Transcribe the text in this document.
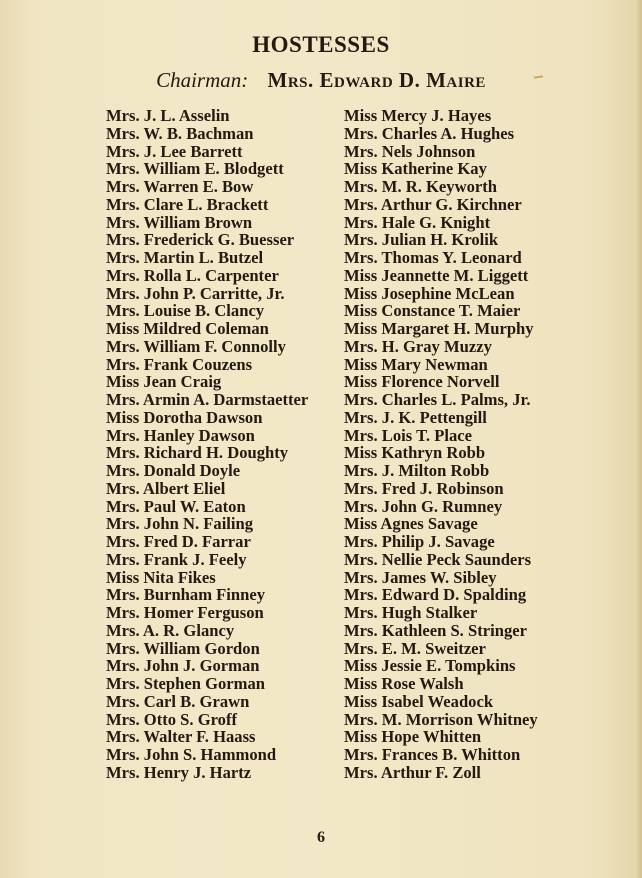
HOSTESSES
Chairman: Mrs. Edward D. Maire
Mrs. J. L. Asselin
Mrs. W. B. Bachman
Mrs. J. Lee Barrett
Mrs. William E. Blodgett
Mrs. Warren E. Bow
Mrs. Clare L. Brackett
Mrs. William Brown
Mrs. Frederick G. Buesser
Mrs. Martin L. Butzel
Mrs. Rolla L. Carpenter
Mrs. John P. Carritte, Jr.
Mrs. Louise B. Clancy
Miss Mildred Coleman
Mrs. William F. Connolly
Mrs. Frank Couzens
Miss Jean Craig
Mrs. Armin A. Darmstaetter
Miss Dorotha Dawson
Mrs. Hanley Dawson
Mrs. Richard H. Doughty
Mrs. Donald Doyle
Mrs. Albert Eliel
Mrs. Paul W. Eaton
Mrs. John N. Failing
Mrs. Fred D. Farrar
Mrs. Frank J. Feely
Miss Nita Fikes
Mrs. Burnham Finney
Mrs. Homer Ferguson
Mrs. A. R. Glancy
Mrs. William Gordon
Mrs. John J. Gorman
Mrs. Stephen Gorman
Mrs. Carl B. Grawn
Mrs. Otto S. Groff
Mrs. Walter F. Haass
Mrs. John S. Hammond
Mrs. Henry J. Hartz
Miss Mercy J. Hayes
Mrs. Charles A. Hughes
Mrs. Nels Johnson
Miss Katherine Kay
Mrs. M. R. Keyworth
Mrs. Arthur G. Kirchner
Mrs. Hale G. Knight
Mrs. Julian H. Krolik
Mrs. Thomas Y. Leonard
Miss Jeannette M. Liggett
Miss Josephine McLean
Miss Constance T. Maier
Miss Margaret H. Murphy
Mrs. H. Gray Muzzy
Miss Mary Newman
Miss Florence Norvell
Mrs. Charles L. Palms, Jr.
Mrs. J. K. Pettengill
Mrs. Lois T. Place
Miss Kathryn Robb
Mrs. J. Milton Robb
Mrs. Fred J. Robinson
Mrs. John G. Rumney
Miss Agnes Savage
Mrs. Philip J. Savage
Mrs. Nellie Peck Saunders
Mrs. James W. Sibley
Mrs. Edward D. Spalding
Mrs. Hugh Stalker
Mrs. Kathleen S. Stringer
Mrs. E. M. Sweitzer
Miss Jessie E. Tompkins
Miss Rose Walsh
Miss Isabel Weadock
Mrs. M. Morrison Whitney
Miss Hope Whitten
Mrs. Frances B. Whitton
Mrs. Arthur F. Zoll
6
